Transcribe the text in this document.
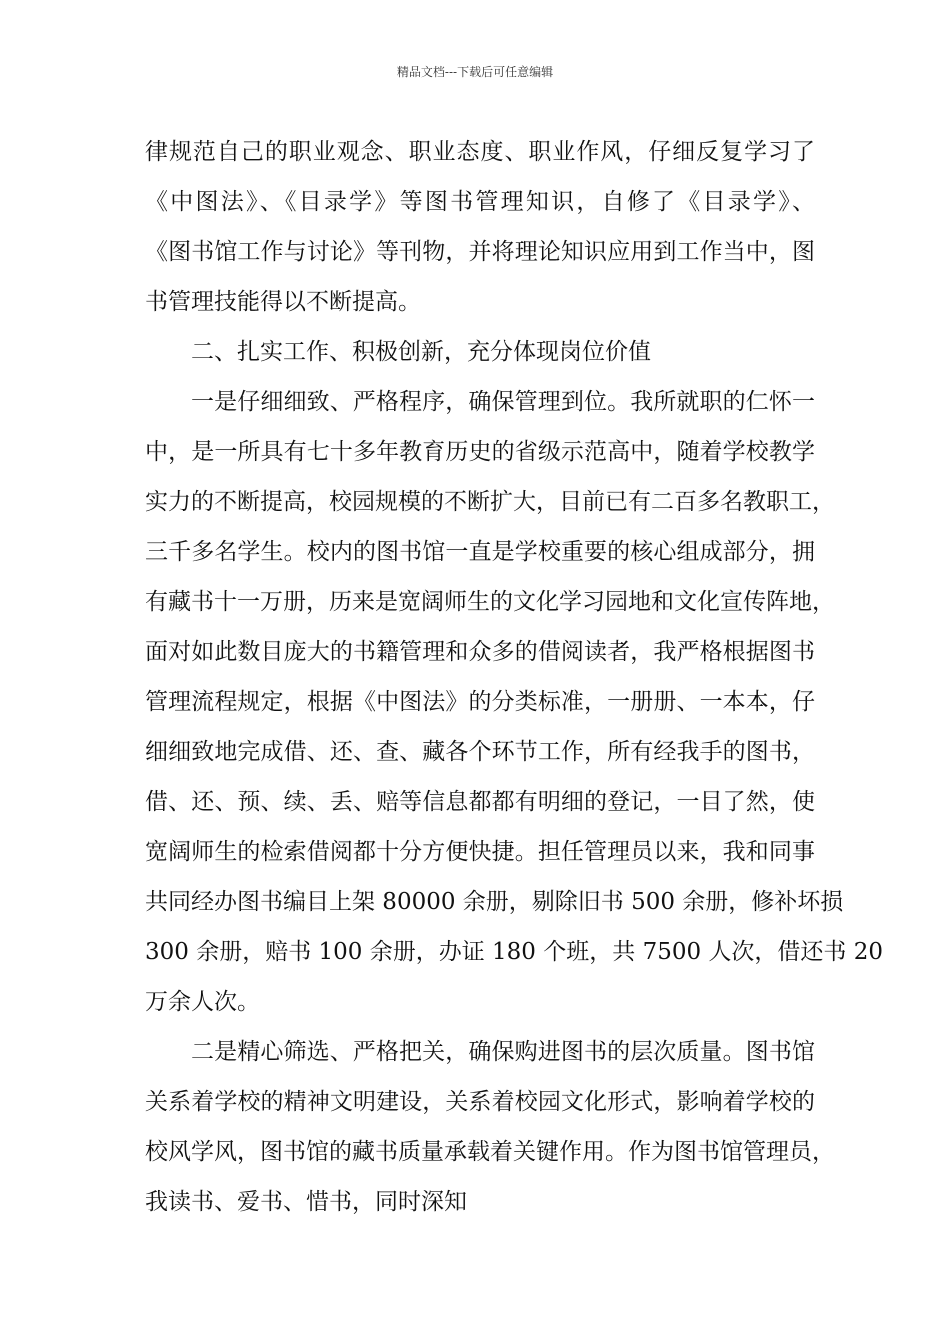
精品文档---下载后可任意编辑
律规范自己的职业观念、职业态度、职业作风，仔细反复学习了
《中图法》、《目录学》等图书管理知识，自修了《目录学》、
《图书馆工作与讨论》等刊物，并将理论知识应用到工作当中，图
书管理技能得以不断提高。
二、扎实工作、积极创新，充分体现岗位价值
一是仔细细致、严格程序，确保管理到位。我所就职的仁怀一
中，是一所具有七十多年教育历史的省级示范高中，随着学校教学
实力的不断提高，校园规模的不断扩大，目前已有二百多名教职工，
三千多名学生。校内的图书馆一直是学校重要的核心组成部分，拥
有藏书十一万册，历来是宽阔师生的文化学习园地和文化宣传阵地，
面对如此数目庞大的书籍管理和众多的借阅读者，我严格根据图书
管理流程规定，根据《中图法》的分类标准，一册册、一本本，仔
细细致地完成借、还、查、藏各个环节工作，所有经我手的图书，
借、还、预、续、丢、赔等信息都都有明细的登记，一目了然，使
宽阔师生的检索借阅都十分方便快捷。担任管理员以来，我和同事
共同经办图书编目上架 80000 余册，剔除旧书 500 余册，修补坏损
300 余册，赔书 100 余册，办证 180 个班，共 7500 人次，借还书 20
万余人次。
二是精心筛选、严格把关，确保购进图书的层次质量。图书馆
关系着学校的精神文明建设，关系着校园文化形式，影响着学校的
校风学风，图书馆的藏书质量承载着关键作用。作为图书馆管理员，
我读书、爱书、惜书，同时深知
